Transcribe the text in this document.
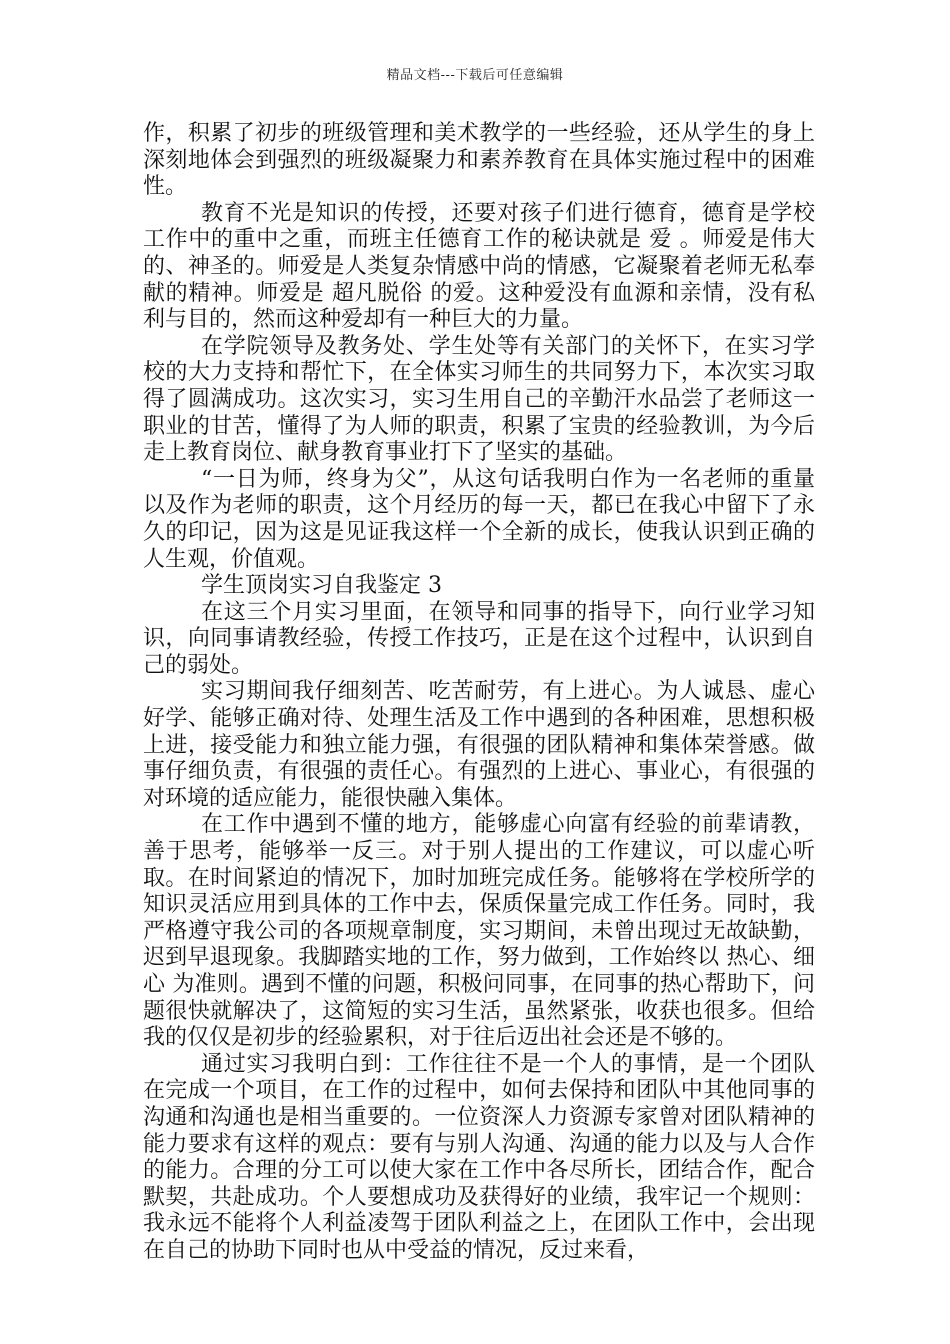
精品文档---下载后可任意编辑

作，积累了初步的班级管理和美术教学的一些经验，还从学生的身上深刻地体会到强烈的班级凝聚力和素养教育在具体实施过程中的困难性。

教育不光是知识的传授，还要对孩子们进行德育，德育是学校工作中的重中之重，而班主任德育工作的秘诀就是 爱 。师爱是伟大的、神圣的。师爱是人类复杂情感中尚的情感，它凝聚着老师无私奉献的精神。师爱是 超凡脱俗 的爱。这种爱没有血源和亲情，没有私利与目的，然而这种爱却有一种巨大的力量。

在学院领导及教务处、学生处等有关部门的关怀下，在实习学校的大力支持和帮忙下，在全体实习师生的共同努力下，本次实习取得了圆满成功。这次实习，实习生用自己的辛勤汗水品尝了老师这一职业的甘苦，懂得了为人师的职责，积累了宝贵的经验教训，为今后走上教育岗位、献身教育事业打下了坚实的基础。

“一日为师，终身为父”，从这句话我明白作为一名老师的重量以及作为老师的职责，这个月经历的每一天，都已在我心中留下了永久的印记，因为这是见证我这样一个全新的成长，使我认识到正确的人生观，价值观。

学生顶岗实习自我鉴定 3

在这三个月实习里面，在领导和同事的指导下，向行业学习知识，向同事请教经验，传授工作技巧，正是在这个过程中，认识到自己的弱处。

实习期间我仔细刻苦、吃苦耐劳，有上进心。为人诚恳、虚心好学、能够正确对待、处理生活及工作中遇到的各种困难，思想积极上进，接受能力和独立能力强，有很强的团队精神和集体荣誉感。做事仔细负责，有很强的责任心。有强烈的上进心、事业心，有很强的对环境的适应能力，能很快融入集体。

在工作中遇到不懂的地方，能够虚心向富有经验的前辈请教，善于思考，能够举一反三。对于别人提出的工作建议，可以虚心听取。在时间紧迫的情况下，加时加班完成任务。能够将在学校所学的知识灵活应用到具体的工作中去，保质保量完成工作任务。同时，我严格遵守我公司的各项规章制度，实习期间，未曾出现过无故缺勤，迟到早退现象。我脚踏实地的工作，努力做到，工作始终以 热心、细心 为准则。遇到不懂的问题，积极问同事，在同事的热心帮助下，问题很快就解决了，这简短的实习生活，虽然紧张，收获也很多。但给我的仅仅是初步的经验累积，对于往后迈出社会还是不够的。

通过实习我明白到：工作往往不是一个人的事情，是一个团队在完成一个项目，在工作的过程中，如何去保持和团队中其他同事的沟通和沟通也是相当重要的。一位资深人力资源专家曾对团队精神的能力要求有这样的观点：要有与别人沟通、沟通的能力以及与人合作的能力。合理的分工可以使大家在工作中各尽所长，团结合作，配合默契，共赴成功。个人要想成功及获得好的业绩，我牢记一个规则：我永远不能将个人利益凌驾于团队利益之上，在团队工作中，会出现在自己的协助下同时也从中受益的情况，反过来看，
